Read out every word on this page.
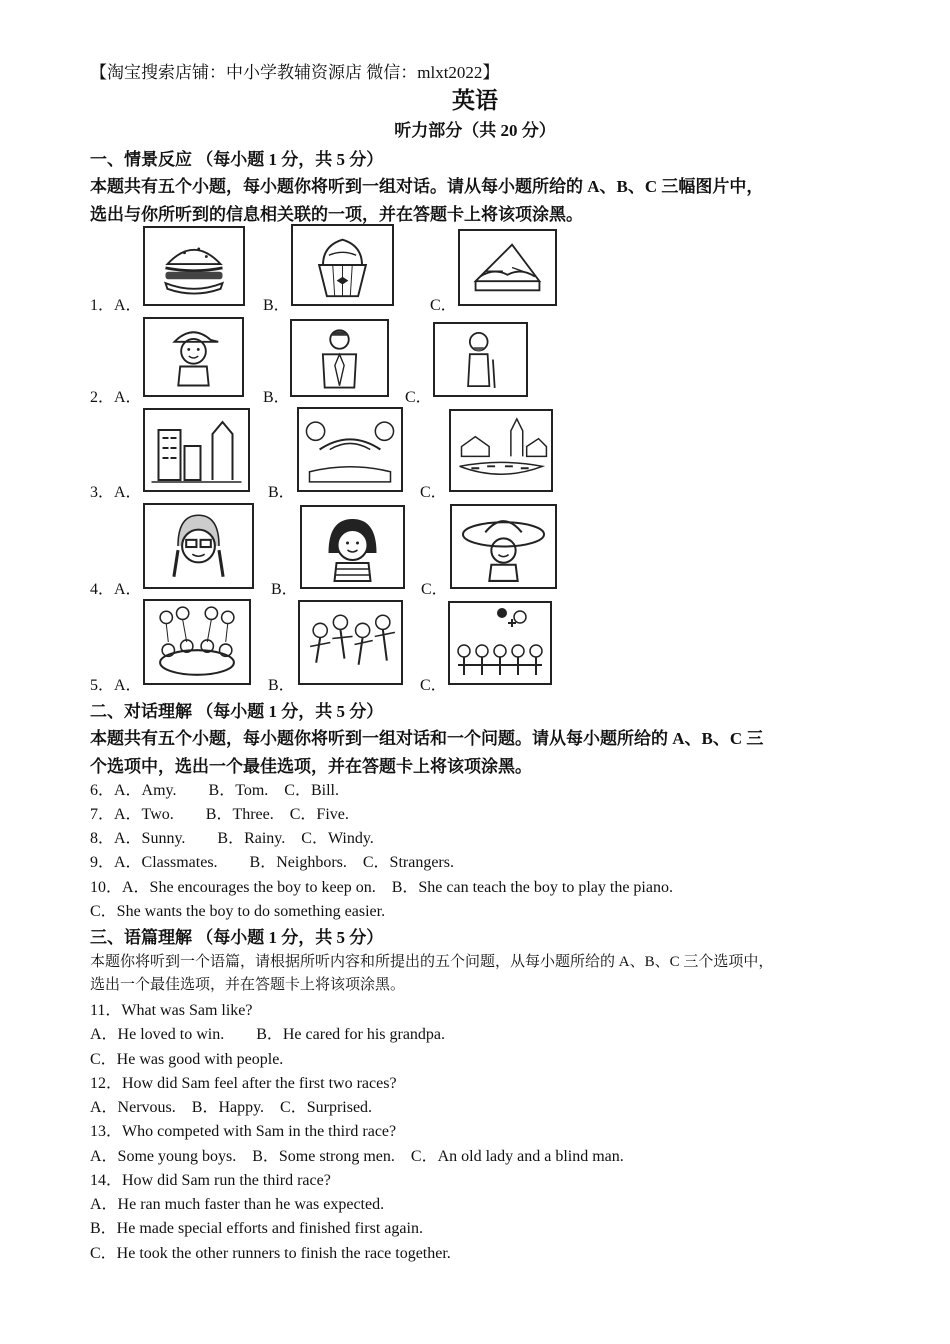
【淘宝搜索店铺：中小学教辅资源店 微信：mlxt2022】
英语
听力部分（共 20 分）
一、情景反应 （每小题 1 分，共 5 分）
本题共有五个小题，每小题你将听到一组对话。请从每小题所给的 A、B、C 三幅图片中，
选出与你所听到的信息相关联的一项，并在答题卡上将该项涂黑。
1．A．	B．	C．
2．A．	B．	C．
3．A．	B．	C．
4．A．	B．	C．
5．A．	B．	C．
二、对话理解 （每小题 1 分，共 5 分）
本题共有五个小题，每小题你将听到一组对话和一个问题。请从每小题所给的 A、B、C 三
个选项中，选出一个最佳选项，并在答题卡上将该项涂黑。
6．A．Amy.　　B．Tom.　C．Bill.
7．A．Two.　　B．Three.　C．Five.
8．A．Sunny.　　B．Rainy.　C．Windy.
9．A．Classmates.　　B．Neighbors.　C．Strangers.
10．A．She encourages the boy to keep on.　B．She can teach the boy to play the piano.
C．She wants the boy to do something easier.
三、语篇理解 （每小题 1 分，共 5 分）
本题你将听到一个语篇，请根据所听内容和所提出的五个问题，从每小题所给的 A、B、C 三个选项中，
选出一个最佳选项，并在答题卡上将该项涂黑。
11．What was Sam like?
A．He loved to win.　　B．He cared for his grandpa.
C．He was good with people.
12．How did Sam feel after the first two races?
A．Nervous.　B．Happy.　C．Surprised.
13．Who competed with Sam in the third race?
A．Some young boys.　B．Some strong men.　C．An old lady and a blind man.
14．How did Sam run the third race?
A．He ran much faster than he was expected.
B．He made special efforts and finished first again.
C．He took the other runners to finish the race together.
